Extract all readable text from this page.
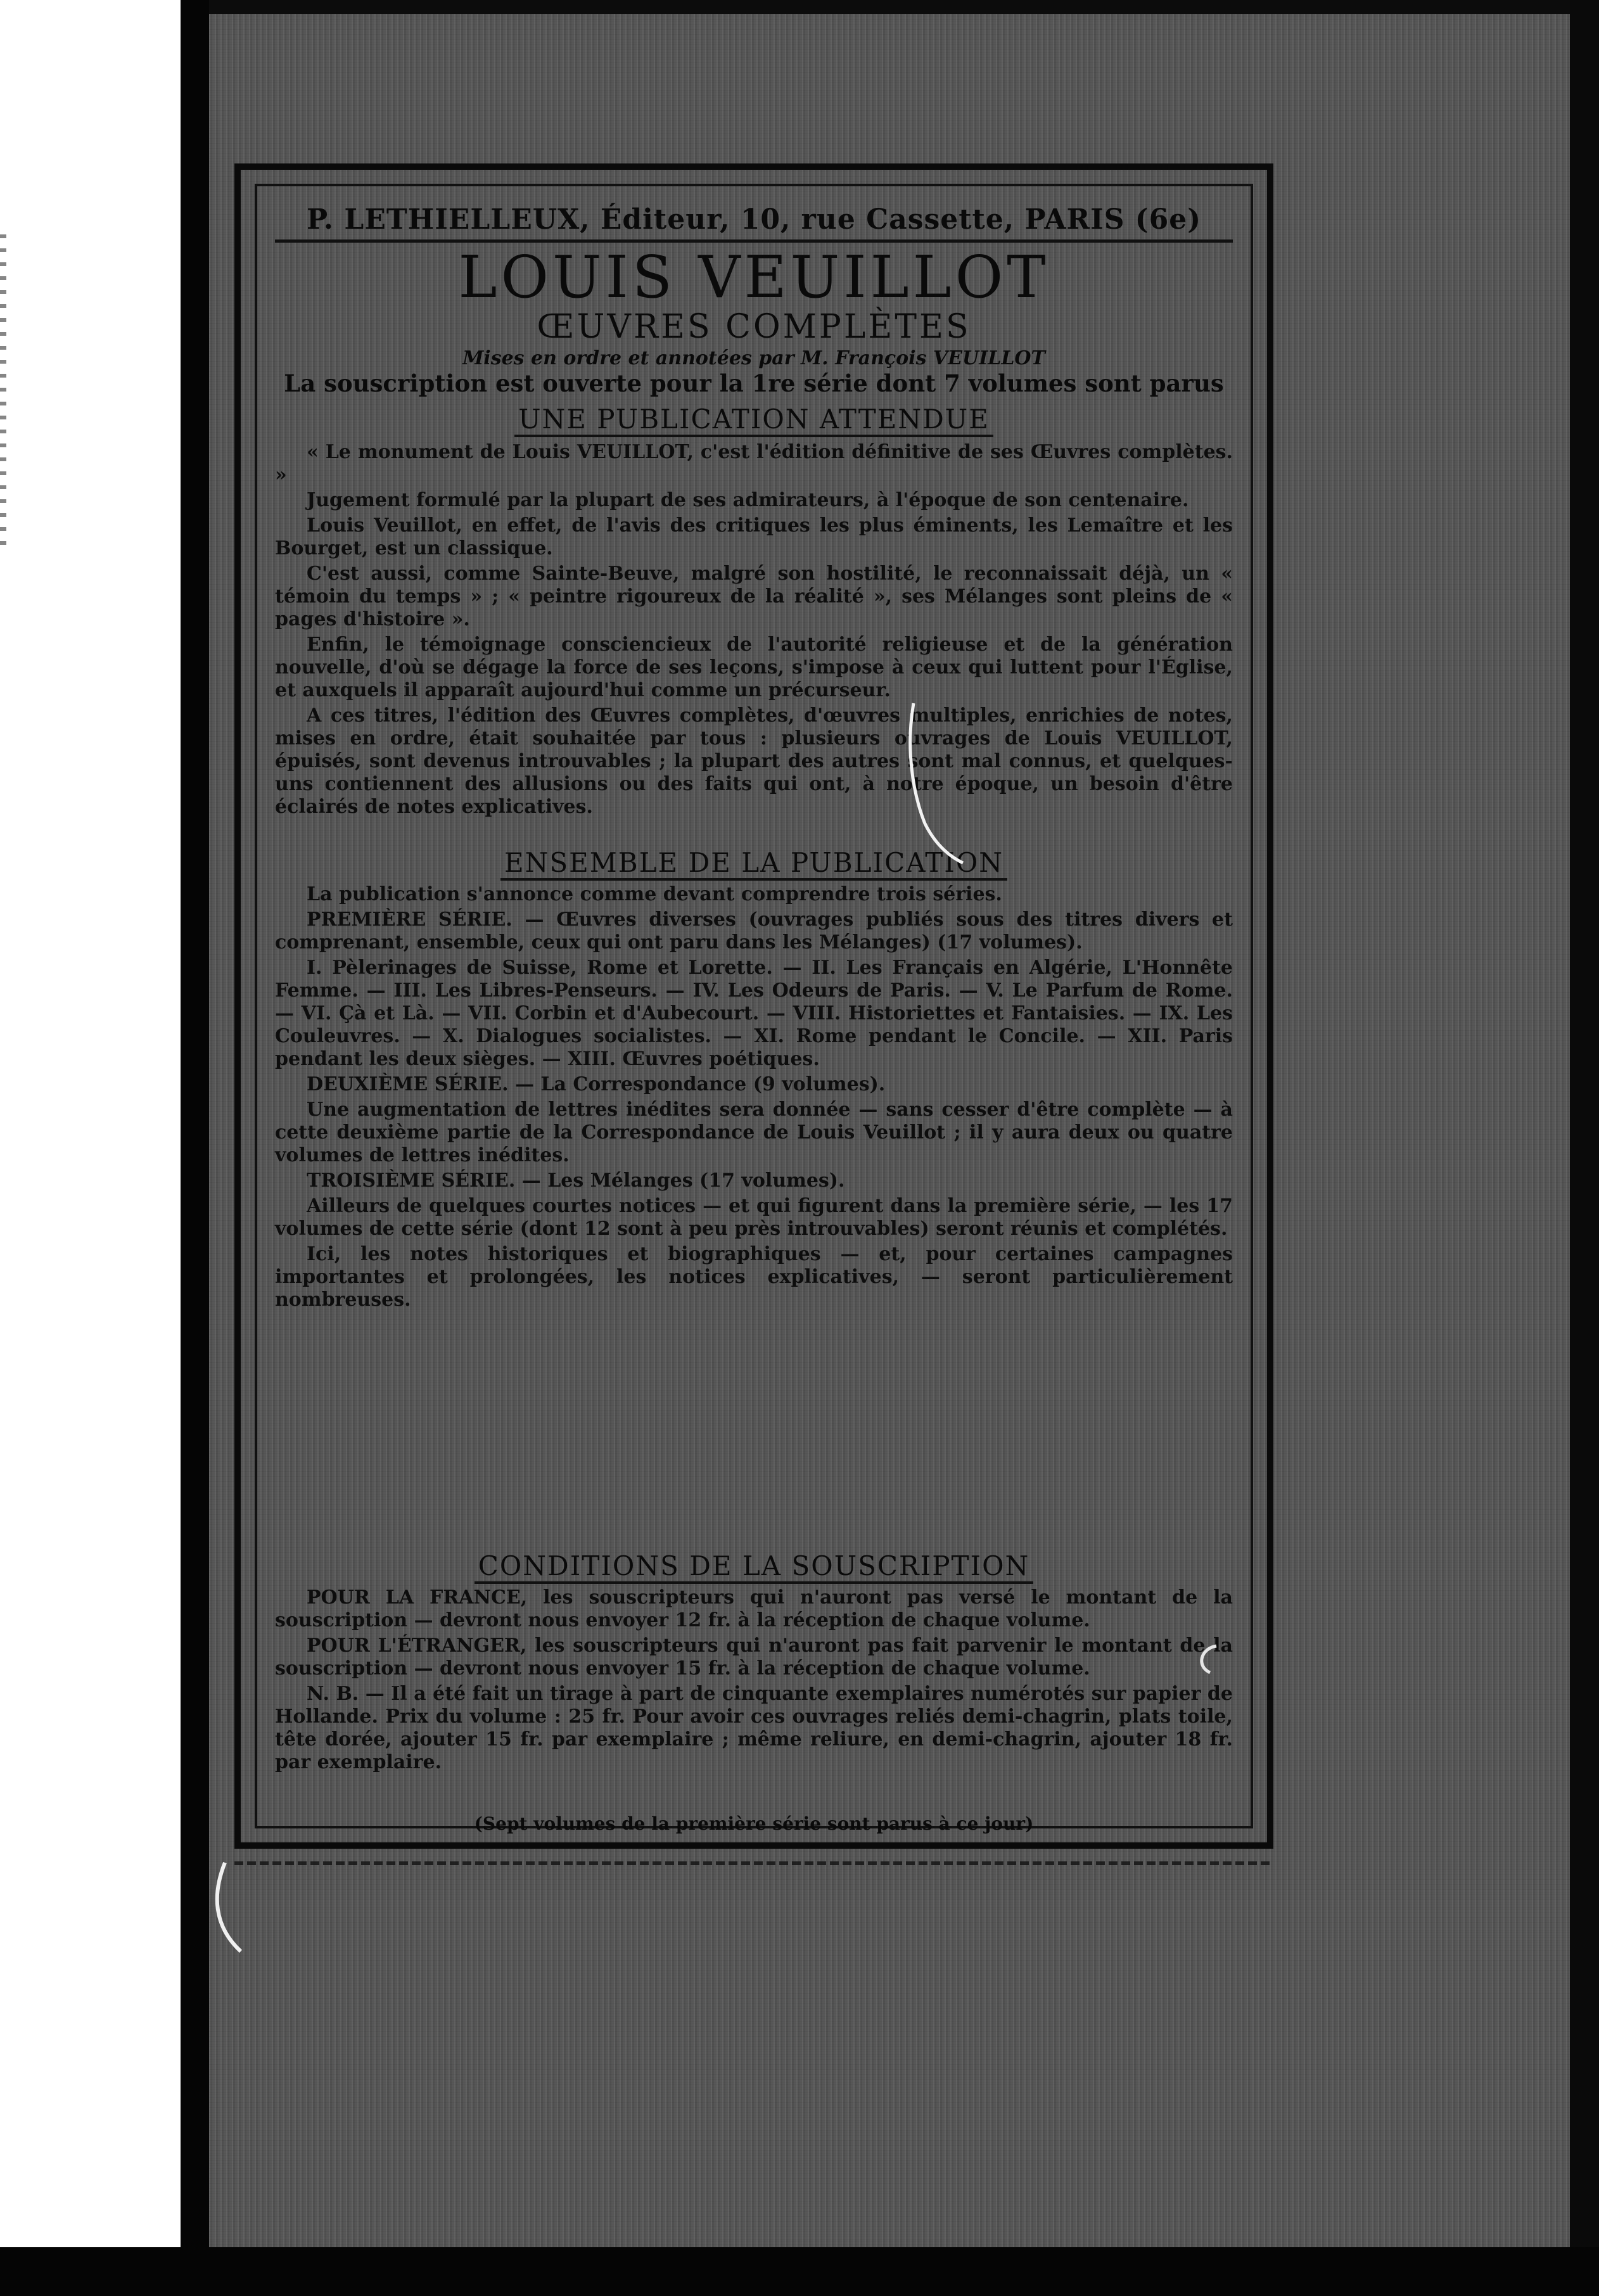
P. LETHIELLEUX, Éditeur, 10, rue Cassette, PARIS (6e)
LOUIS VEUILLOT
ŒUVRES COMPLÈTES
Mises en ordre et annotées par M. François VEUILLOT
La souscription est ouverte pour la 1re série dont 7 volumes sont parus
UNE PUBLICATION ATTENDUE

« Le monument de Louis VEUILLOT, c'est l'édition définitive de ses Œuvres complètes. »

Jugement formulé par la plupart de ses admirateurs, à l'époque de son centenaire.

Louis Veuillot, en effet, de l'avis des critiques les plus éminents, les Lemaître et les Bourget, est un classique.

C'est aussi, comme Sainte-Beuve, malgré son hostilité, le reconnaissait déjà, un « témoin du temps » ; « peintre rigoureux de la réalité », ses Mélanges sont pleins de « pages d'histoire ».

Enfin, le témoignage consciencieux de l'autorité religieuse et de la génération nouvelle, d'où se dégage la force de ses leçons, s'impose à ceux qui luttent pour l'Église, et auxquels il apparaît aujourd'hui comme un précurseur.

A ces titres, l'édition des Œuvres complètes, d'œuvres multiples, enrichies de notes, mises en ordre, était souhaitée par tous : plusieurs ouvrages de Louis VEUILLOT, épuisés, sont devenus introuvables ; la plupart des autres sont mal connus, et quelques-uns contiennent des allusions ou des faits qui ont, à notre époque, un besoin d'être éclairés de notes explicatives.

ENSEMBLE DE LA PUBLICATION

La publication s'annonce comme devant comprendre trois séries.

PREMIÈRE SÉRIE. — Œuvres diverses (ouvrages publiés sous des titres divers et comprenant, ensemble, ceux qui ont paru dans les Mélanges) (17 volumes).

I. Pèlerinages de Suisse, Rome et Lorette. — II. Les Français en Algérie, L'Honnête Femme. — III. Les Libres-Penseurs. — IV. Les Odeurs de Paris. — V. Le Parfum de Rome. — VI. Çà et Là. — VII. Corbin et d'Aubecourt. — VIII. Historiettes et Fantaisies. — IX. Les Couleuvres. — X. Dialogues socialistes. — XI. Rome pendant le Concile. — XII. Paris pendant les deux sièges. — XIII. Œuvres poétiques.

DEUXIÈME SÉRIE. — La Correspondance (9 volumes).

Une augmentation de lettres inédites sera donnée — sans cesser d'être complète — à cette deuxième partie de la Correspondance de Louis Veuillot ; il y aura deux ou quatre volumes de lettres inédites.

TROISIÈME SÉRIE. — Les Mélanges (17 volumes).

Ailleurs de quelques courtes notices — et qui figurent dans la première série, — les 17 volumes de cette série (dont 12 sont à peu près introuvables) seront réunis et complétés.

Ici, les notes historiques et biographiques — et, pour certaines campagnes importantes et prolongées, les notices explicatives, — seront particulièrement nombreuses.

CONDITIONS DE LA SOUSCRIPTION

POUR LA FRANCE, les souscripteurs qui n'auront pas versé le montant de la souscription — devront nous envoyer 12 fr. à la réception de chaque volume.

POUR L'ÉTRANGER, les souscripteurs qui n'auront pas fait parvenir le montant de la souscription — devront nous envoyer 15 fr. à la réception de chaque volume.

N. B. — Il a été fait un tirage à part de cinquante exemplaires numérotés sur papier de Hollande. Prix du volume : 25 fr. Pour avoir ces ouvrages reliés demi-chagrin, plats toile, tête dorée, ajouter 15 fr. par exemplaire ; même reliure, en demi-chagrin, ajouter 18 fr. par exemplaire.

(Sept volumes de la première série sont parus à ce jour)
